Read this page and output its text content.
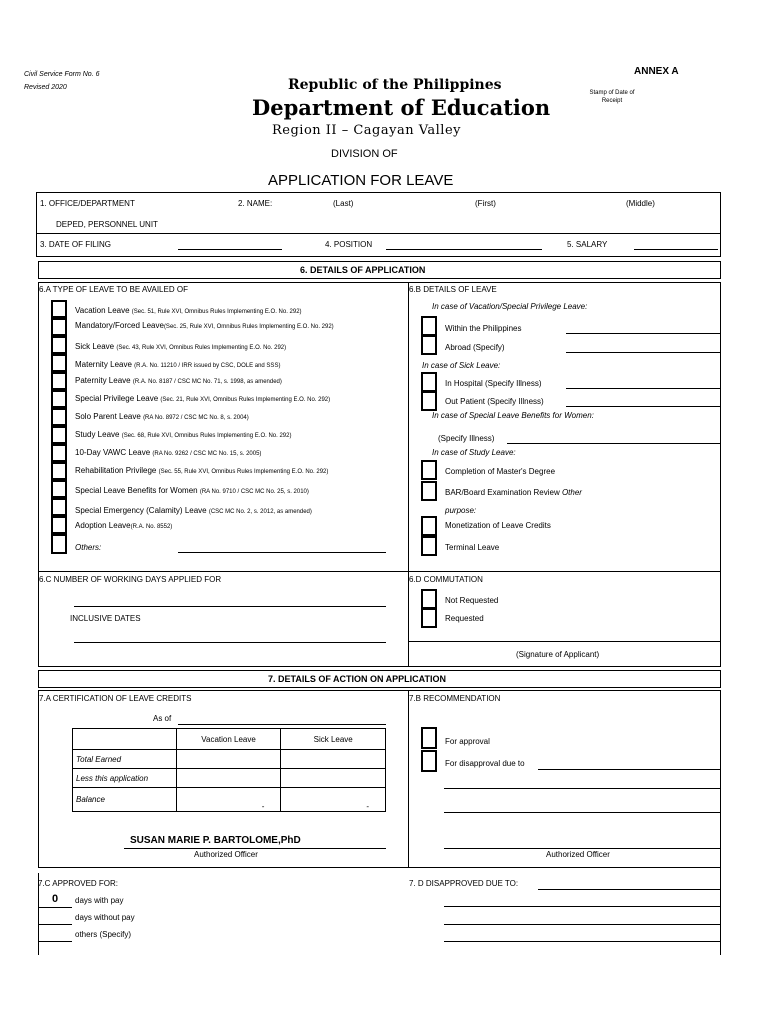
Civil Service Form No. 6
Revised 2020	Republic of the Philippines
Department of Education
Region II – Cagayan Valley
DIVISION OF
ANNEX A
Stamp of Date of
Receipt
APPLICATION FOR LEAVE
1. OFFICE/DEPARTMENT
DEPED, PERSONNEL UNIT
2. NAME:	(Last)	(First)	(Middle)
3. DATE OF FILING	4. POSITION	5. SALARY
6. DETAILS OF APPLICATION
6.A TYPE OF LEAVE TO BE AVAILED OF
Vacation Leave (Sec. 51, Rule XVI, Omnibus Rules Implementing E.O. No. 292)
Mandatory/Forced Leave(Sec. 25, Rule XVI, Omnibus Rules Implementing E.O. No. 292)
Sick Leave (Sec. 43, Rule XVI, Omnibus Rules Implementing E.O. No. 292)
Maternity Leave (R.A. No. 11210 / IRR issued by CSC, DOLE and SSS)
Paternity Leave (R.A. No. 8187 / CSC MC No. 71, s. 1998, as amended)
Special Privilege Leave (Sec. 21, Rule XVI, Omnibus Rules Implementing E.O. No. 292)
Solo Parent Leave (RA No. 8972 / CSC MC No. 8, s. 2004)
Study Leave (Sec. 68, Rule XVI, Omnibus Rules Implementing E.O. No. 292)
10-Day VAWC Leave (RA No. 9262 / CSC MC No. 15, s. 2005)
Rehabilitation Privilege (Sec. 55, Rule XVI, Omnibus Rules Implementing E.O. No. 292)
Special Leave Benefits for Women (RA No. 9710 / CSC MC No. 25, s. 2010)
Special Emergency (Calamity) Leave (CSC MC No. 2, s. 2012, as amended)
Adoption Leave(R.A. No. 8552)
Others:
6.B DETAILS OF LEAVE
In case of Vacation/Special Privilege Leave:
Within the Philippines
Abroad (Specify)
In case of Sick Leave:
In Hospital (Specify Illness)
Out Patient (Specify Illness)
In case of Special Leave Benefits for Women:
(Specify Illness)
In case of Study Leave:
Completion of Master's Degree
BAR/Board Examination Review Other
purpose:
Monetization of Leave Credits
Terminal Leave
6.C NUMBER OF WORKING DAYS APPLIED FOR
INCLUSIVE DATES
6.D COMMUTATION
Not Requested
Requested
(Signature of Applicant)
7. DETAILS OF ACTION ON APPLICATION
7.A CERTIFICATION OF LEAVE CREDITS
As of
	Vacation Leave	Sick Leave
Total Earned		
Less this application		
Balance	-	-
SUSAN MARIE P. BARTOLOME,PhD
Authorized Officer
7.B RECOMMENDATION
For approval
For disapproval due to
Authorized Officer
7.C APPROVED FOR:
0 days with pay
days without pay
others (Specify)
7. D DISAPPROVED DUE TO:
